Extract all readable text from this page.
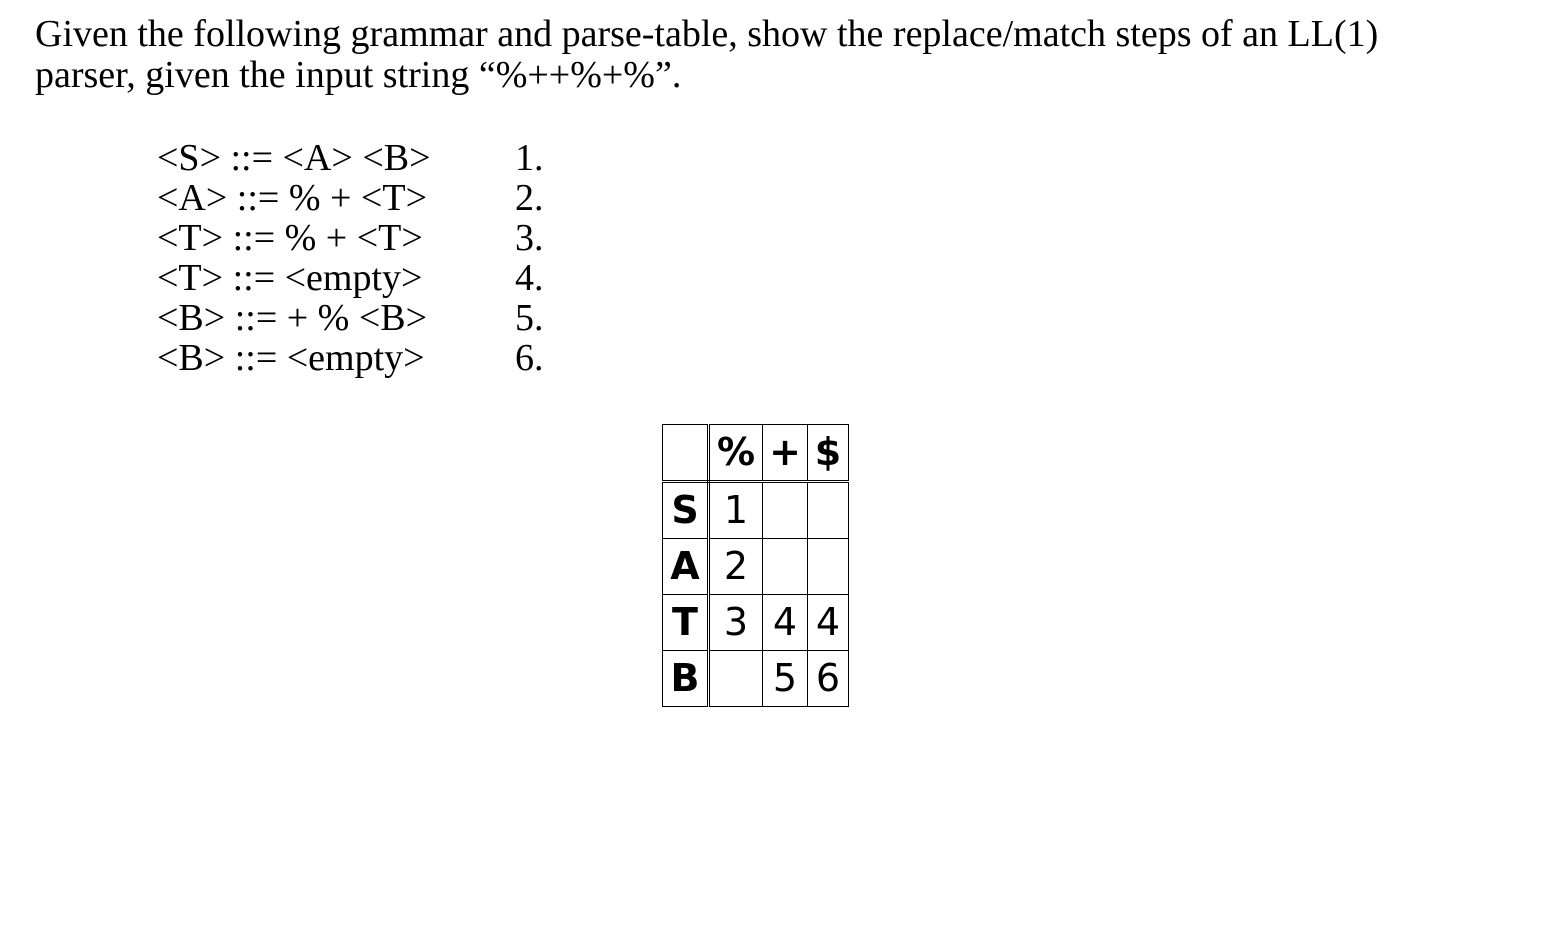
Given the following grammar and parse-table, show the replace/match steps of an LL(1)
parser, given the input string “%++%+%”.

<S> ::= <A> <B>	1.
<A> ::= % + <T>	2.
<T> ::= % + <T>	3.
<T> ::= <empty>	4.
<B> ::= + % <B>	5.
<B> ::= <empty>	6.
	%	+	$
S	1		
A	2		
T	3	4	4
B		5	6
